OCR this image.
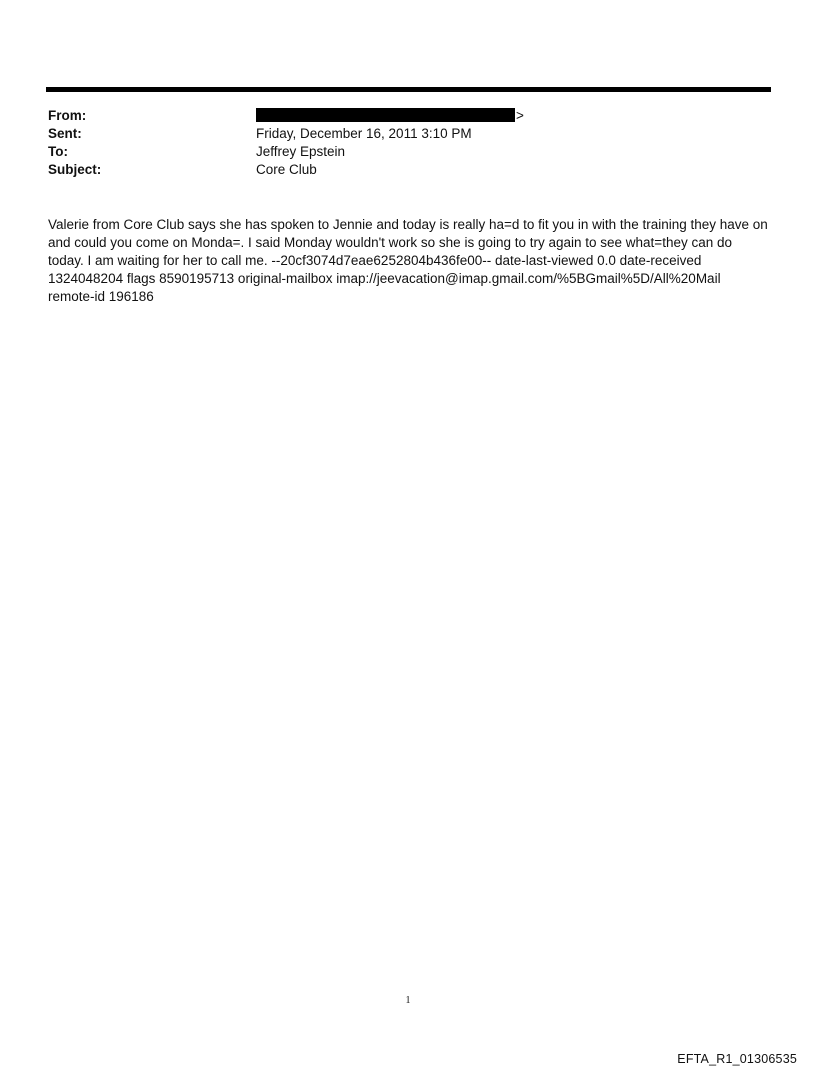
From:	>
Sent:	Friday, December 16, 2011 3:10 PM
To:	Jeffrey Epstein
Subject:	Core Club

Valerie from Core Club says she has spoken to Jennie and today is really ha=d to fit you in with the training they have on

and could you come on Monda=. I said Monday wouldn't work so she is going to try again to see what=they can do

today. I am waiting for her to call me. --20cf3074d7eae6252804b436fe00-- date-last-viewed 0.0 date-received

1324048204 flags 8590195713 original-mailbox imap://jeevacation@imap.gmail.com/%5BGmail%5D/All%20Mail

remote-id 196186

1
EFTA_R1_01306535
